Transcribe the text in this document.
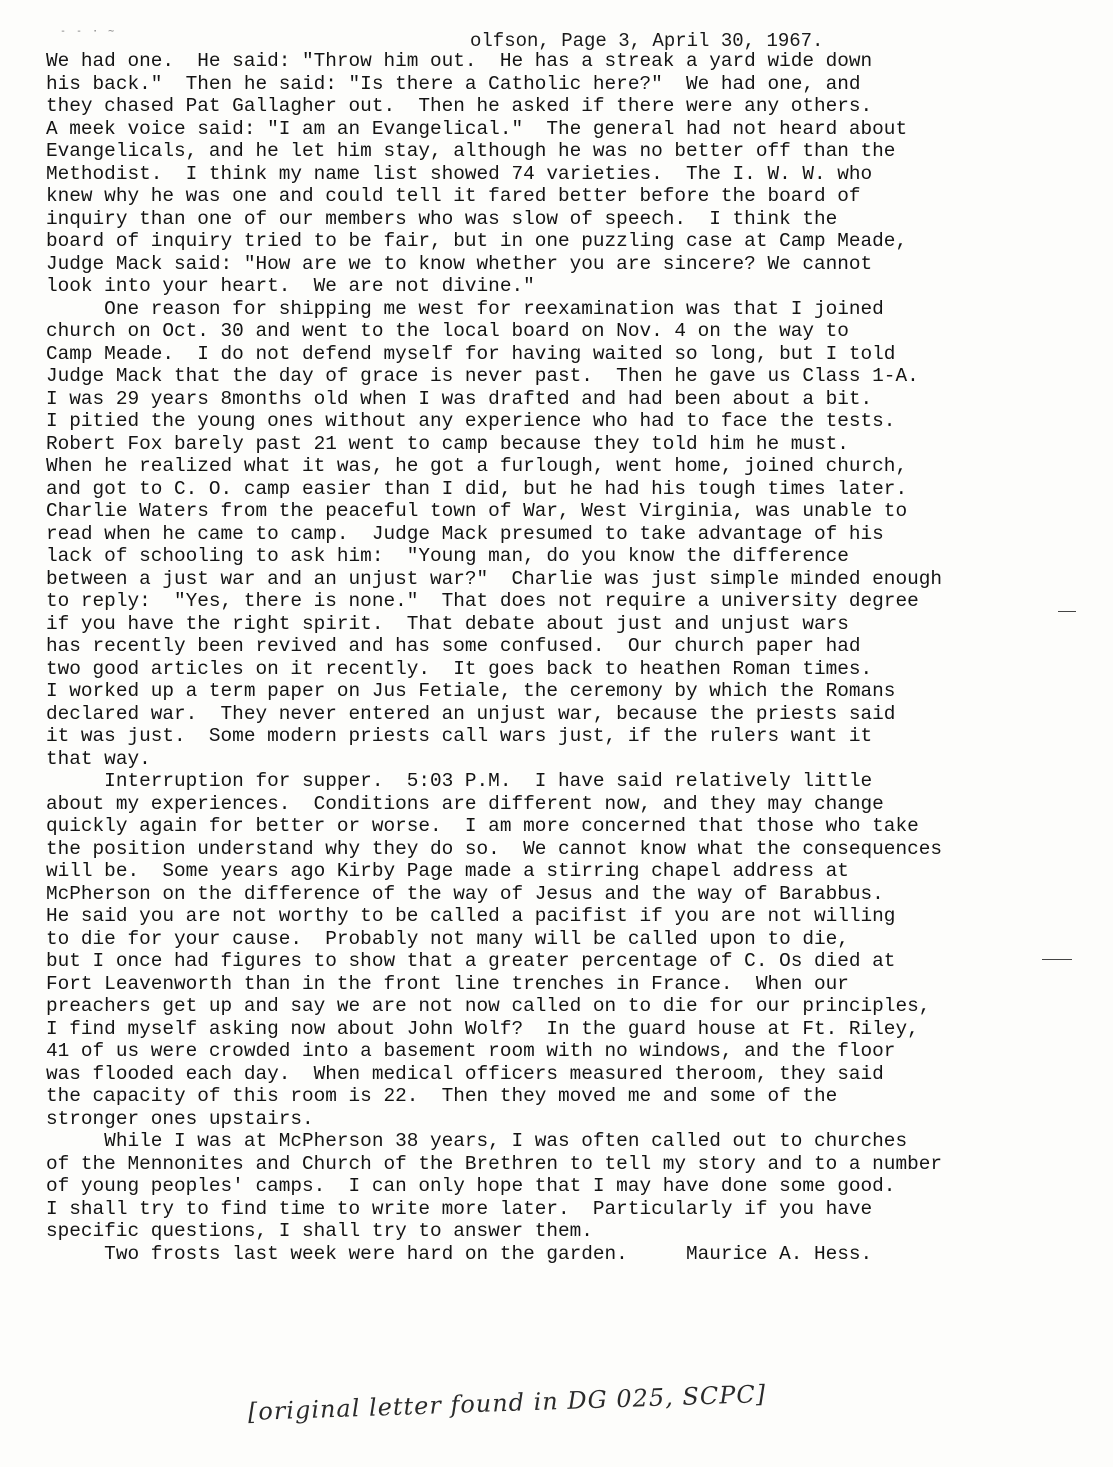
- - · ~	olfson, Page 3, April 30, 1967.
We had one.  He said: "Throw him out.  He has a streak a yard wide down
his back."  Then he said: "Is there a Catholic here?"  We had one, and
they chased Pat Gallagher out.  Then he asked if there were any others.
A meek voice said: "I am an Evangelical."  The general had not heard about
Evangelicals, and he let him stay, although he was no better off than the
Methodist.  I think my name list showed 74 varieties.  The I. W. W. who
knew why he was one and could tell it fared better before the board of
inquiry than one of our members who was slow of speech.  I think the
board of inquiry tried to be fair, but in one puzzling case at Camp Meade,
Judge Mack said: "How are we to know whether you are sincere? We cannot
look into your heart.  We are not divine."
One reason for shipping me west for reexamination was that I joined
church on Oct. 30 and went to the local board on Nov. 4 on the way to
Camp Meade.  I do not defend myself for having waited so long, but I told
Judge Mack that the day of grace is never past.  Then he gave us Class 1-A.
I was 29 years 8months old when I was drafted and had been about a bit.
I pitied the young ones without any experience who had to face the tests.
Robert Fox barely past 21 went to camp because they told him he must.
When he realized what it was, he got a furlough, went home, joined church,
and got to C. O. camp easier than I did, but he had his tough times later.
Charlie Waters from the peaceful town of War, West Virginia, was unable to
read when he came to camp.  Judge Mack presumed to take advantage of his
lack of schooling to ask him:  "Young man, do you know the difference
between a just war and an unjust war?"  Charlie was just simple minded enough
to reply:  "Yes, there is none."  That does not require a university degree
if you have the right spirit.  That debate about just and unjust wars
has recently been revived and has some confused.  Our church paper had
two good articles on it recently.  It goes back to heathen Roman times.
I worked up a term paper on Jus Fetiale, the ceremony by which the Romans
declared war.  They never entered an unjust war, because the priests said
it was just.  Some modern priests call wars just, if the rulers want it
that way.
Interruption for supper.  5:03 P.M.  I have said relatively little
about my experiences.  Conditions are different now, and they may change
quickly again for better or worse.  I am more concerned that those who take
the position understand why they do so.  We cannot know what the consequences
will be.  Some years ago Kirby Page made a stirring chapel address at
McPherson on the difference of the way of Jesus and the way of Barabbus.
He said you are not worthy to be called a pacifist if you are not willing
to die for your cause.  Probably not many will be called upon to die,
but I once had figures to show that a greater percentage of C. Os died at
Fort Leavenworth than in the front line trenches in France.  When our
preachers get up and say we are not now called on to die for our principles,
I find myself asking now about John Wolf?  In the guard house at Ft. Riley,
41 of us were crowded into a basement room with no windows, and the floor
was flooded each day.  When medical officers measured theroom, they said
the capacity of this room is 22.  Then they moved me and some of the
stronger ones upstairs.
While I was at McPherson 38 years, I was often called out to churches
of the Mennonites and Church of the Brethren to tell my story and to a number
of young peoples' camps.  I can only hope that I may have done some good.
I shall try to find time to write more later.  Particularly if you have
specific questions, I shall try to answer them.
Two frosts last week were hard on the garden.     Maurice A. Hess.
[original letter found in DG 025, SCPC]
